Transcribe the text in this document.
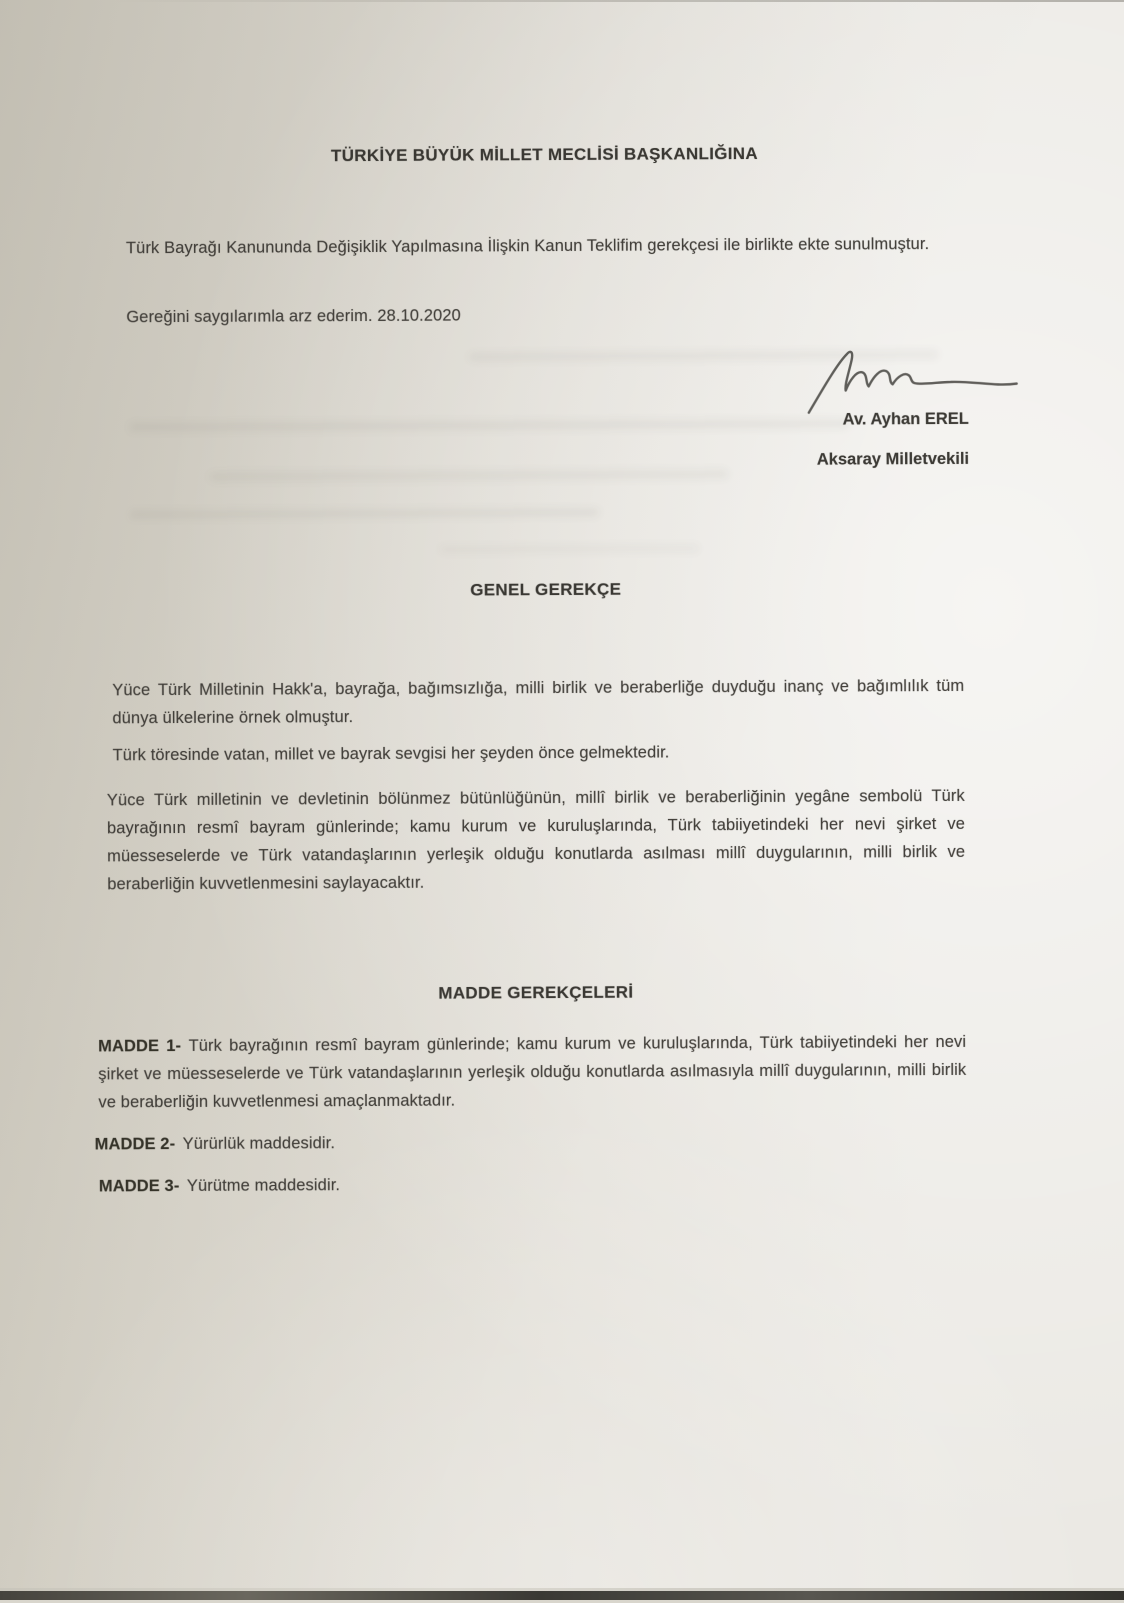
TÜRKİYE BÜYÜK MİLLET MECLİSİ BAŞKANLIĞINA
Türk Bayrağı Kanununda Değişiklik Yapılmasına İlişkin Kanun Teklifim gerekçesi ile birlikte ekte sunulmuştur.
Gereğini saygılarımla arz ederim. 28.10.2020
Av. Ayhan EREL
Aksaray Milletvekili
GENEL GEREKÇE
Yüce Türk Milletinin Hakk'a, bayrağa, bağımsızlığa, milli birlik ve beraberliğe duyduğu inanç ve bağımlılık tüm dünya ülkelerine örnek olmuştur.
Türk töresinde vatan, millet ve bayrak sevgisi her şeyden önce gelmektedir.
Yüce Türk milletinin ve devletinin bölünmez bütünlüğünün, millî birlik ve beraberliğinin yegâne sembolü Türk bayrağının resmî bayram günlerinde; kamu kurum ve kuruluşlarında, Türk tabiiyetindeki her nevi şirket ve müesseselerde ve Türk vatandaşlarının yerleşik olduğu konutlarda asılması millî duygularının, milli birlik ve beraberliğin kuvvetlenmesini saylayacaktır.
MADDE GEREKÇELERİ
MADDE 1- Türk bayrağının resmî bayram günlerinde; kamu kurum ve kuruluşlarında, Türk tabiiyetindeki her nevi şirket ve müesseselerde ve Türk vatandaşlarının yerleşik olduğu konutlarda asılmasıyla millî duygularının, milli birlik ve beraberliğin kuvvetlenmesi amaçlanmaktadır.
MADDE 2- Yürürlük maddesidir.
MADDE 3- Yürütme maddesidir.
